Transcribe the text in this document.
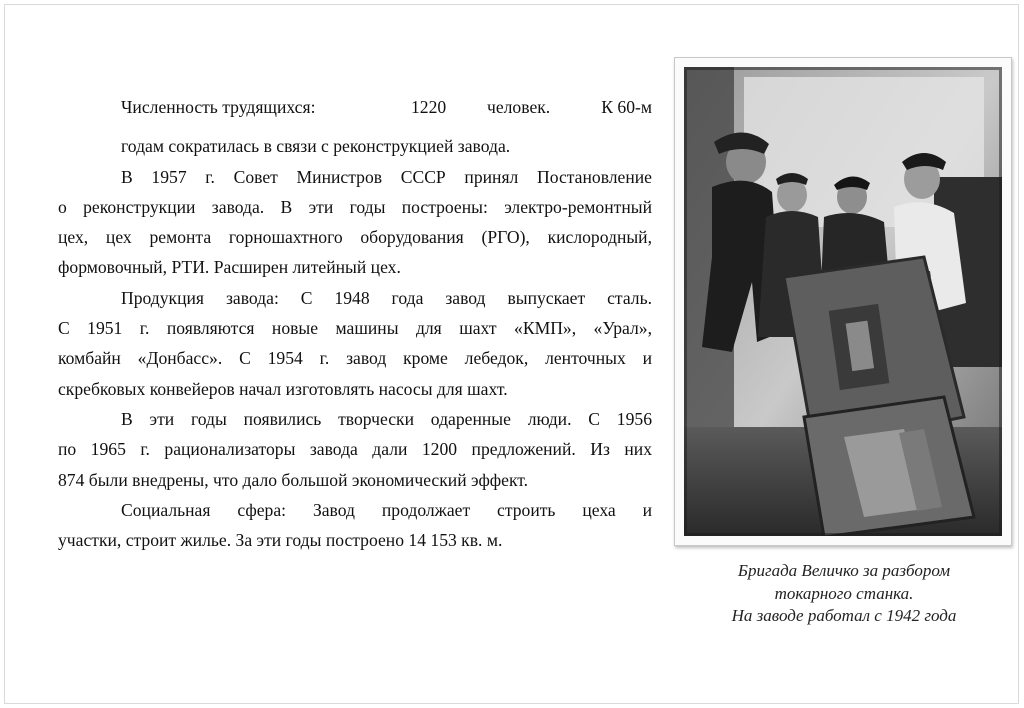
Численность трудящихся:	1220 человек.	К 60-м
годам сократилась в связи с реконструкцией завода.
В 1957 г. Совет Министров СССР принял Постановление
о реконструкции завода. В эти годы построены: электро-ремонтный
цех, цех ремонта горношахтного оборудования (РГО), кислородный,
формовочный, РТИ. Расширен литейный цех.
Продукция завода: С 1948 года завод выпускает сталь.
С 1951 г. появляются новые машины для шахт «КМП», «Урал»,
комбайн «Донбасс». С 1954 г. завод кроме лебедок, ленточных и
скребковых конвейеров начал изготовлять насосы для шахт.
В эти годы появились творчески одаренные люди. С 1956
по 1965 г. рационализаторы завода дали 1200 предложений. Из них
874 были внедрены, что дало большой экономический эффект.
Социальная сфера: Завод продолжает строить цеха и
участки, строит жилье. За эти годы построено 14 153 кв. м.
Бригада Величко за разбором
токарного станка.
На заводе работал с 1942 года
